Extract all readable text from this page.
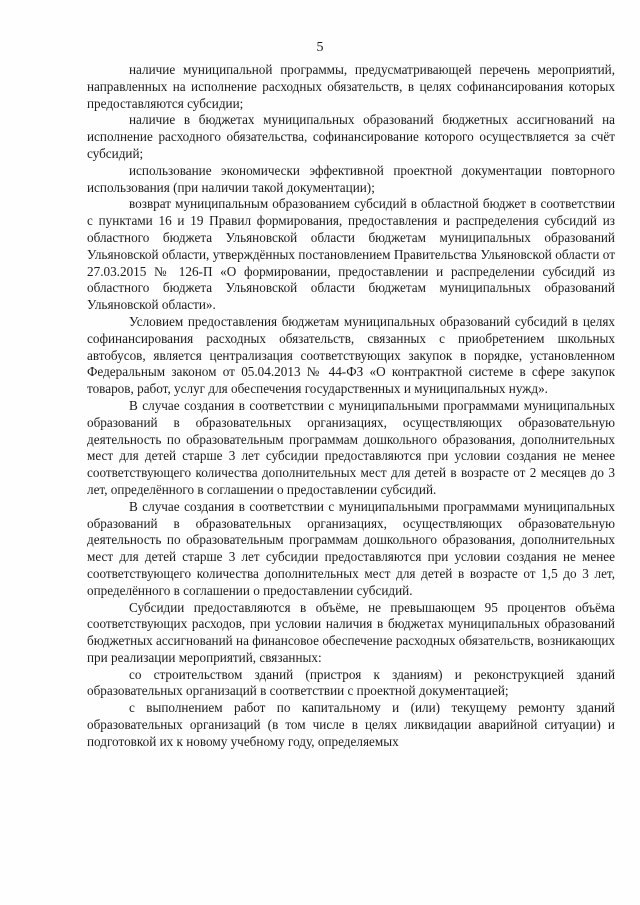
5

наличие муниципальной программы, предусматривающей перечень мероприятий, направленных на исполнение расходных обязательств, в целях софинансирования которых предоставляются субсидии;

наличие в бюджетах муниципальных образований бюджетных ассигнований на исполнение расходного обязательства, софинансирование которого осуществляется за счёт субсидий;

использование экономически эффективной проектной документации повторного использования (при наличии такой документации);

возврат муниципальным образованием субсидий в областной бюджет в соответствии с пунктами 16 и 19 Правил формирования, предоставления и распределения субсидий из областного бюджета Ульяновской области бюджетам муниципальных образований Ульяновской области, утверждённых постановлением Правительства Ульяновской области от 27.03.2015 № 126-П «О формировании, предоставлении и распределении субсидий из областного бюджета Ульяновской области бюджетам муниципальных образований Ульяновской области».

Условием предоставления бюджетам муниципальных образований субсидий в целях софинансирования расходных обязательств, связанных с приобретением школьных автобусов, является централизация соответствующих закупок в порядке, установленном Федеральным законом от 05.04.2013 № 44-ФЗ «О контрактной системе в сфере закупок товаров, работ, услуг для обеспечения государственных и муниципальных нужд».

В случае создания в соответствии с муниципальными программами муниципальных образований в образовательных организациях, осуществляющих образовательную деятельность по образовательным программам дошкольного образования, дополнительных мест для детей старше 3 лет субсидии предоставляются при условии создания не менее соответствующего количества дополнительных мест для детей в возрасте от 2 месяцев до 3 лет, определённого в соглашении о предоставлении субсидий.

В случае создания в соответствии с муниципальными программами муниципальных образований в образовательных организациях, осуществляющих образовательную деятельность по образовательным программам дошкольного образования, дополнительных мест для детей старше 3 лет субсидии предоставляются при условии создания не менее соответствующего количества дополнительных мест для детей в возрасте от 1,5 до 3 лет, определённого в соглашении о предоставлении субсидий.

Субсидии предоставляются в объёме, не превышающем 95 процентов объёма соответствующих расходов, при условии наличия в бюджетах муниципальных образований бюджетных ассигнований на финансовое обеспечение расходных обязательств, возникающих при реализации мероприятий, связанных:

со строительством зданий (пристроя к зданиям) и реконструкцией зданий образовательных организаций в соответствии с проектной документацией;

с выполнением работ по капитальному и (или) текущему ремонту зданий образовательных организаций (в том числе в целях ликвидации аварийной ситуации) и подготовкой их к новому учебному году, определяемых
